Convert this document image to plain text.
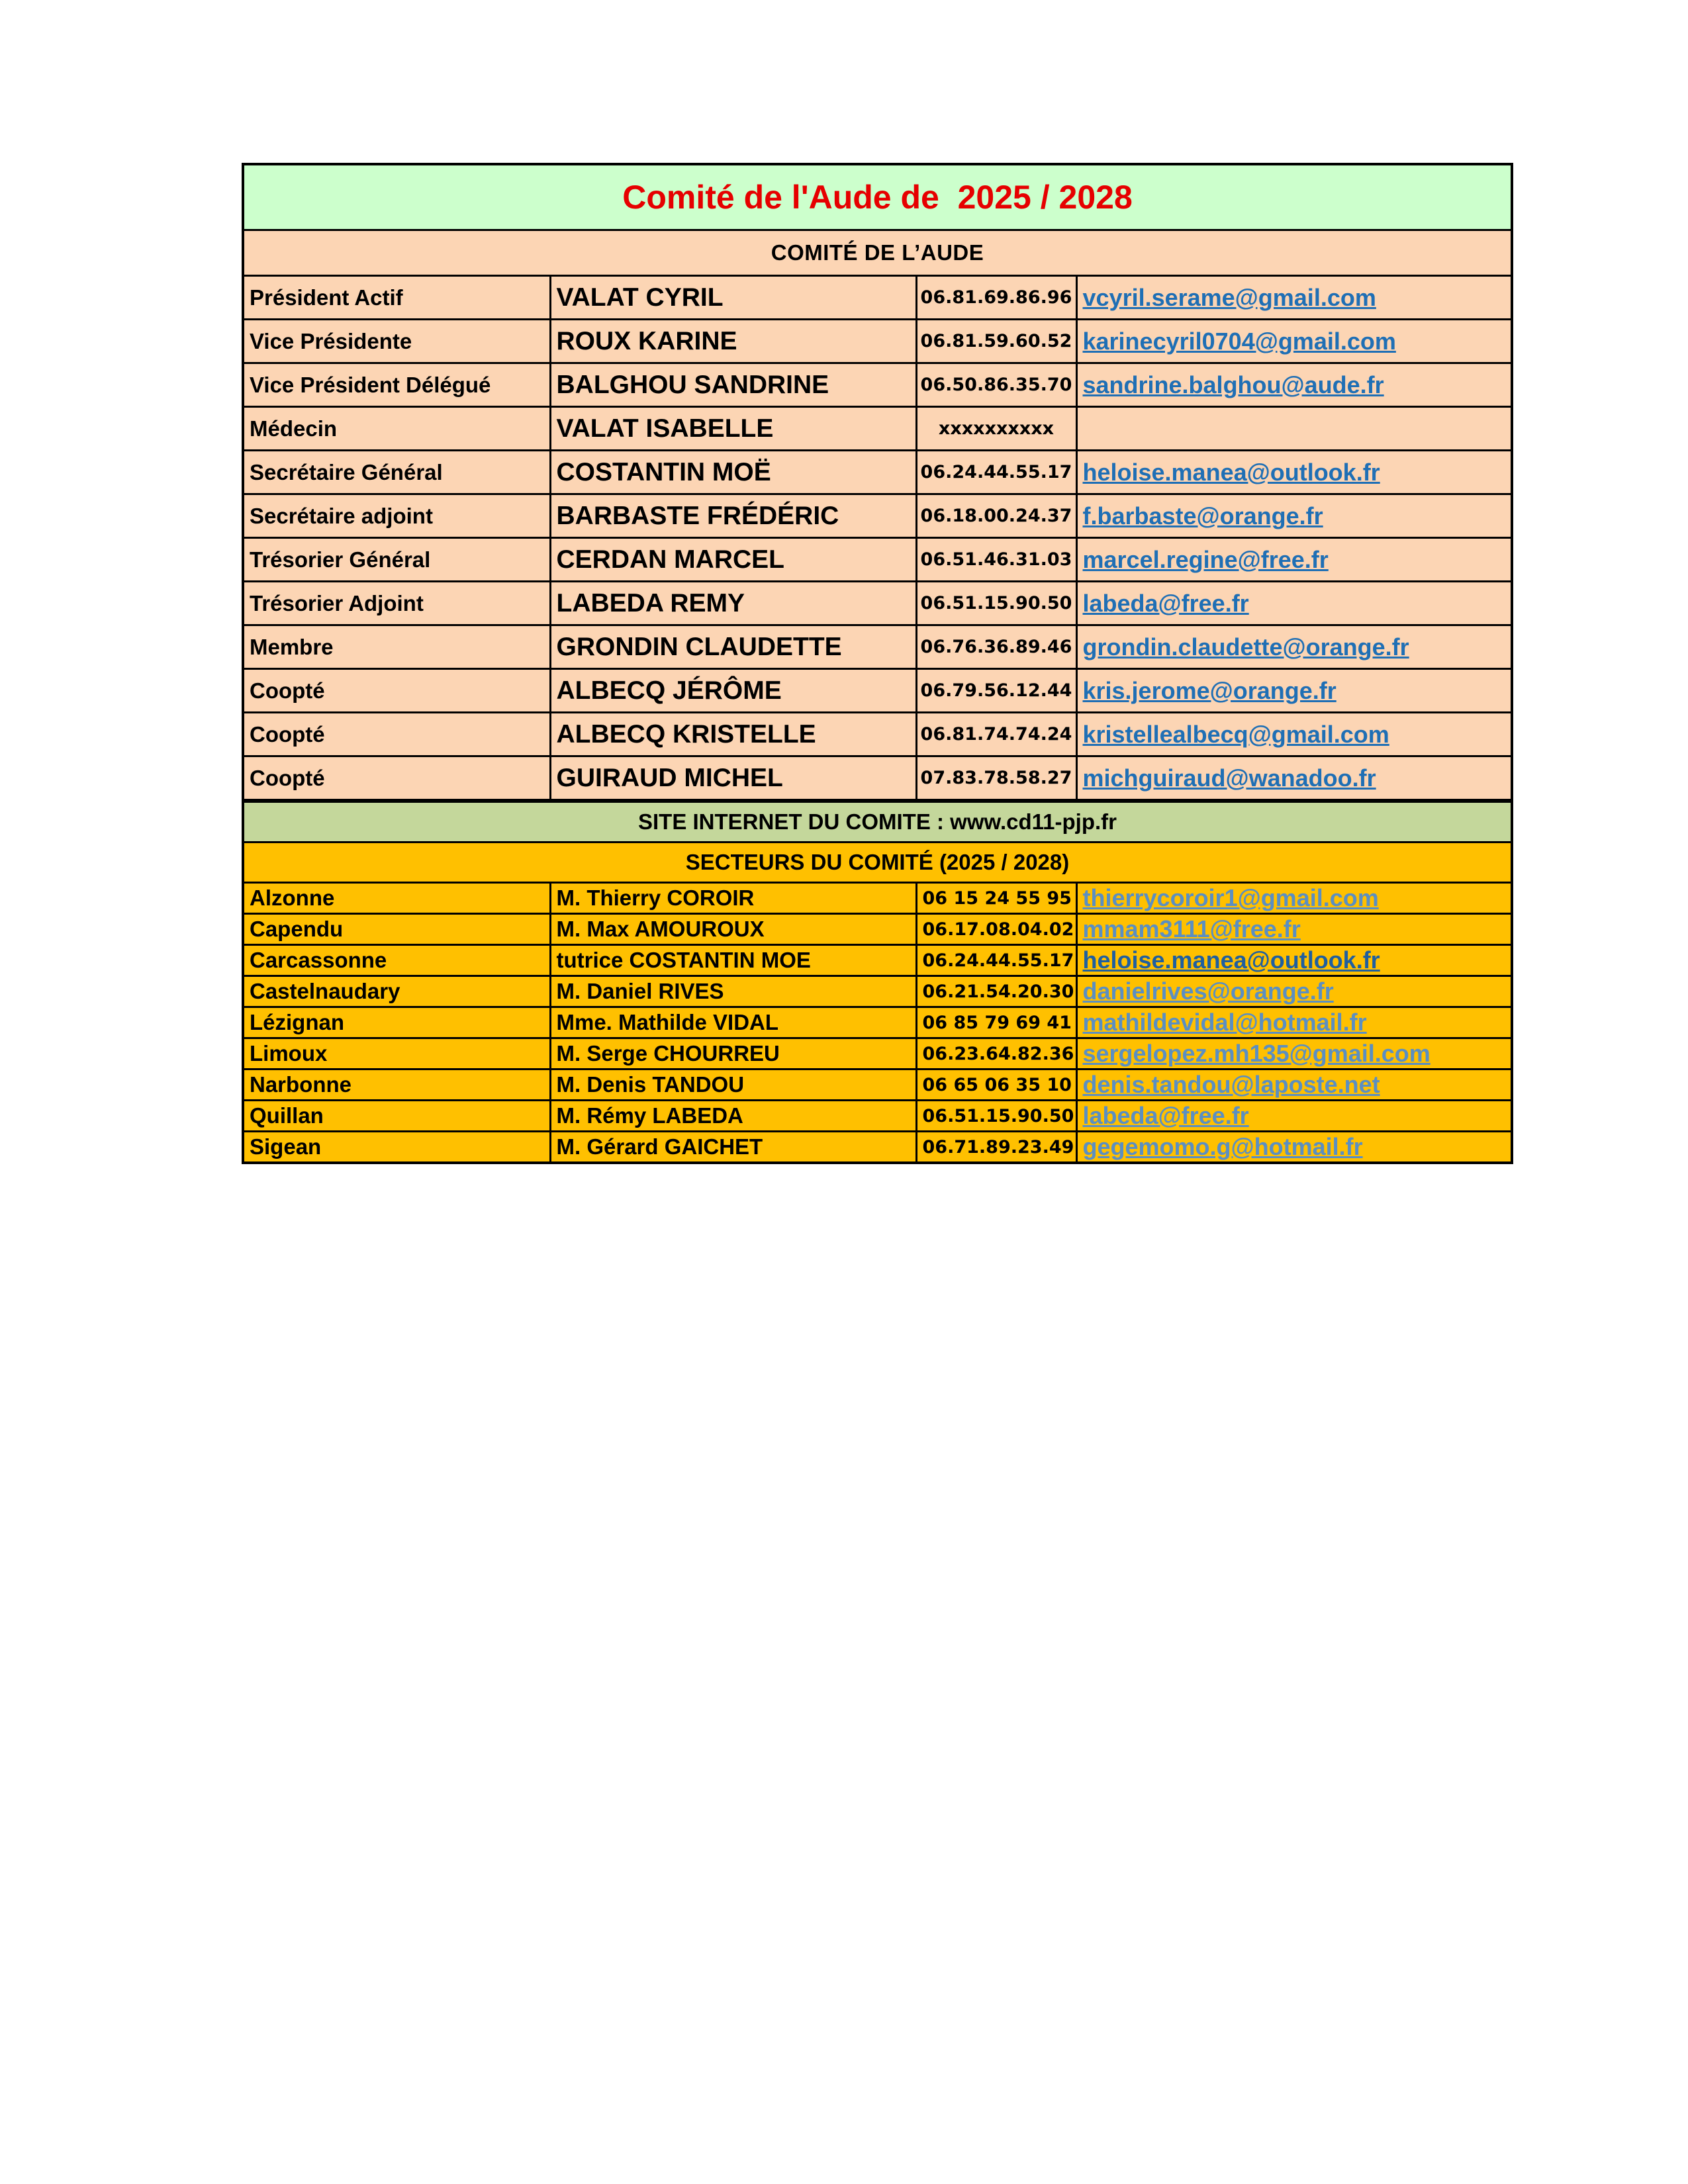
Comité de l'Aude de  2025 / 2028
COMITÉ DE L’AUDE
Président Actif	VALAT CYRIL	06.81.69.86.96	vcyril.serame@gmail.com
Vice Présidente	ROUX KARINE	06.81.59.60.52	karinecyril0704@gmail.com
Vice Président Délégué	BALGHOU SANDRINE	06.50.86.35.70	sandrine.balghou@aude.fr
Médecin	VALAT ISABELLE	xxxxxxxxxx	
Secrétaire Général	COSTANTIN MOË	06.24.44.55.17	heloise.manea@outlook.fr
Secrétaire adjoint	BARBASTE FRÉDÉRIC	06.18.00.24.37	f.barbaste@orange.fr
Trésorier Général	CERDAN MARCEL	06.51.46.31.03	marcel.regine@free.fr
Trésorier Adjoint	LABEDA REMY	06.51.15.90.50	labeda@free.fr
Membre	GRONDIN CLAUDETTE	06.76.36.89.46	grondin.claudette@orange.fr
Coopté	ALBECQ JÉRÔME	06.79.56.12.44	kris.jerome@orange.fr
Coopté	ALBECQ KRISTELLE	06.81.74.74.24	kristellealbecq@gmail.com
Coopté	GUIRAUD MICHEL	07.83.78.58.27	michguiraud@wanadoo.fr
SITE INTERNET DU COMITE : www.cd11-pjp.fr
SECTEURS DU COMITÉ (2025 / 2028)
Alzonne	M. Thierry COROIR	06 15 24 55 95	thierrycoroir1@gmail.com
Capendu	M. Max AMOUROUX	06.17.08.04.02	mmam3111@free.fr
Carcassonne	tutrice COSTANTIN MOE	06.24.44.55.17	heloise.manea@outlook.fr
Castelnaudary	M. Daniel RIVES	06.21.54.20.30	danielrives@orange.fr
Lézignan	Mme. Mathilde VIDAL	06 85 79 69 41	mathildevidal@hotmail.fr
Limoux	M. Serge CHOURREU	06.23.64.82.36	sergelopez.mh135@gmail.com
Narbonne	M. Denis TANDOU	06 65 06 35 10	denis.tandou@laposte.net
Quillan	M. Rémy LABEDA	06.51.15.90.50	labeda@free.fr
Sigean	M. Gérard GAICHET	06.71.89.23.49	gegemomo.g@hotmail.fr
